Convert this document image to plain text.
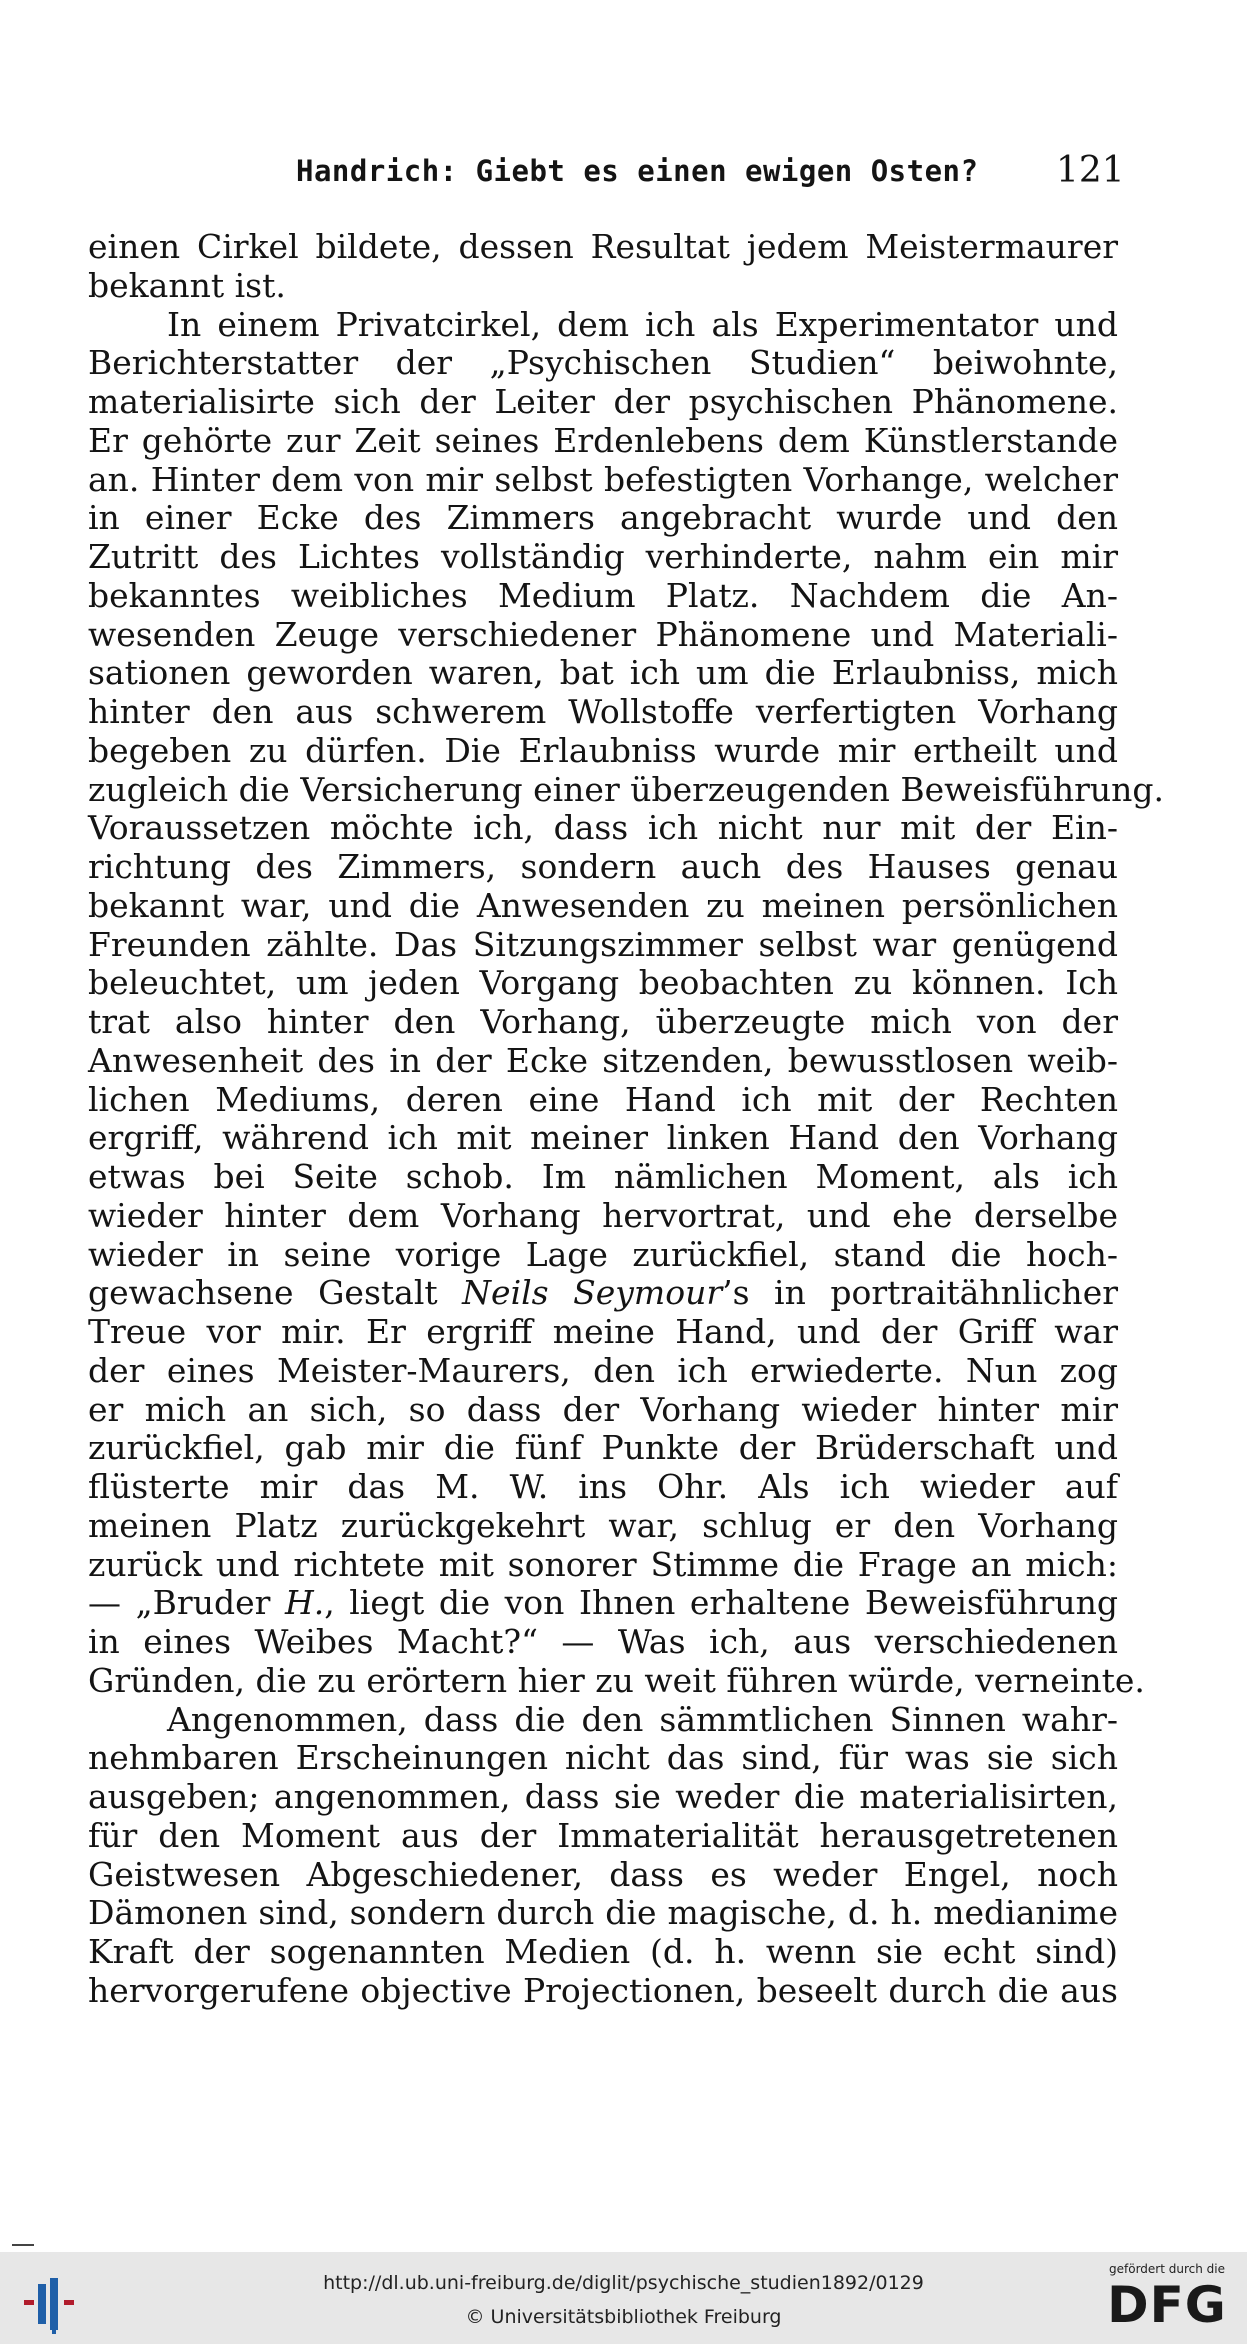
Handrich: Giebt es einen ewigen Osten? 121
einen Cirkel bildete, dessen Resultat jedem Meistermaurer
bekannt ist.
In einem Privatcirkel, dem ich als Experimentator und
Berichterstatter der „Psychischen Studien“ beiwohnte,
materialisirte sich der Leiter der psychischen Phänomene.
Er gehörte zur Zeit seines Erdenlebens dem Künstlerstande
an. Hinter dem von mir selbst befestigten Vorhange, welcher
in einer Ecke des Zimmers angebracht wurde und den
Zutritt des Lichtes vollständig verhinderte, nahm ein mir
bekanntes weibliches Medium Platz. Nachdem die An-
wesenden Zeuge verschiedener Phänomene und Materiali-
sationen geworden waren, bat ich um die Erlaubniss, mich
hinter den aus schwerem Wollstoffe verfertigten Vorhang
begeben zu dürfen. Die Erlaubniss wurde mir ertheilt und
zugleich die Versicherung einer überzeugenden Beweisführung.
Voraussetzen möchte ich, dass ich nicht nur mit der Ein-
richtung des Zimmers, sondern auch des Hauses genau
bekannt war, und die Anwesenden zu meinen persönlichen
Freunden zählte. Das Sitzungszimmer selbst war genügend
beleuchtet, um jeden Vorgang beobachten zu können. Ich
trat also hinter den Vorhang, überzeugte mich von der
Anwesenheit des in der Ecke sitzenden, bewusstlosen weib-
lichen Mediums, deren eine Hand ich mit der Rechten
ergriff, während ich mit meiner linken Hand den Vorhang
etwas bei Seite schob. Im nämlichen Moment, als ich
wieder hinter dem Vorhang hervortrat, und ehe derselbe
wieder in seine vorige Lage zurückfiel, stand die hoch-
gewachsene Gestalt Neils Seymour’s in portraitähnlicher
Treue vor mir. Er ergriff meine Hand, und der Griff war
der eines Meister-Maurers, den ich erwiederte. Nun zog
er mich an sich, so dass der Vorhang wieder hinter mir
zurückfiel, gab mir die fünf Punkte der Brüderschaft und
flüsterte mir das M. W. ins Ohr. Als ich wieder auf
meinen Platz zurückgekehrt war, schlug er den Vorhang
zurück und richtete mit sonorer Stimme die Frage an mich:
— „Bruder H., liegt die von Ihnen erhaltene Beweisführung
in eines Weibes Macht?“ — Was ich, aus verschiedenen
Gründen, die zu erörtern hier zu weit führen würde, verneinte.
Angenommen, dass die den sämmtlichen Sinnen wahr-
nehmbaren Erscheinungen nicht das sind, für was sie sich
ausgeben; angenommen, dass sie weder die materialisirten,
für den Moment aus der Immaterialität herausgetretenen
Geistwesen Abgeschiedener, dass es weder Engel, noch
Dämonen sind, sondern durch die magische, d. h. medianime
Kraft der sogenannten Medien (d. h. wenn sie echt sind)
hervorgerufene objective Projectionen, beseelt durch die aus
http://dl.ub.uni-freiburg.de/diglit/psychische_studien1892/0129
© Universitätsbibliothek Freiburg
gefördert durch die
DFG
